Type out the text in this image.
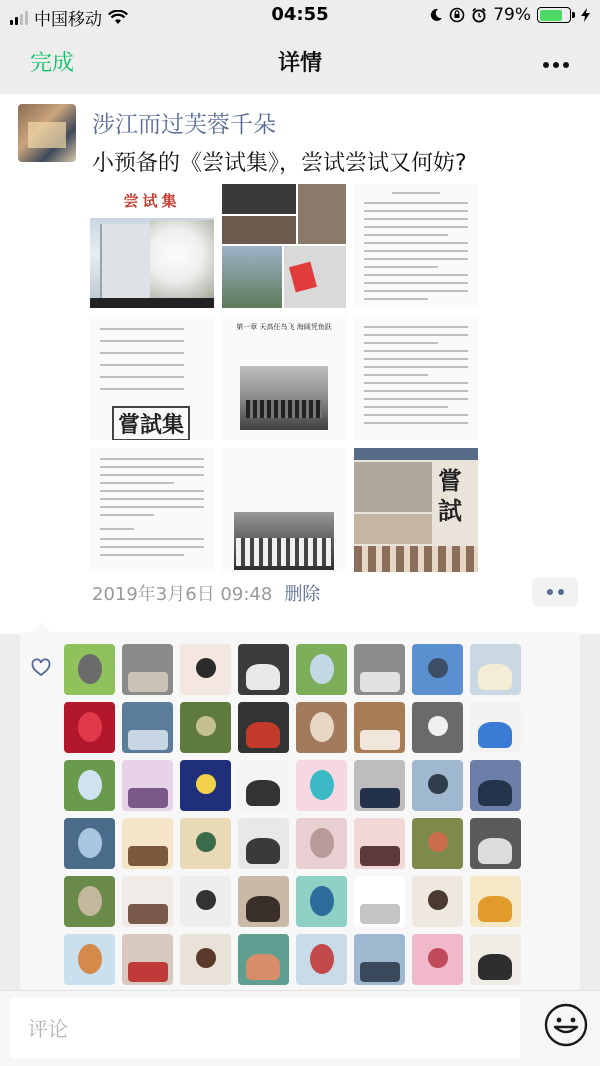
中国移动	04:55	79%
完成	详情
涉江而过芙蓉千朵
小预备的《尝试集》，尝试尝试又何妨?
尝试集
嘗試集
第一章 天高任鸟飞 海阔凭鱼跃
嘗試
2019年3月6日 09:48 删除
评论
